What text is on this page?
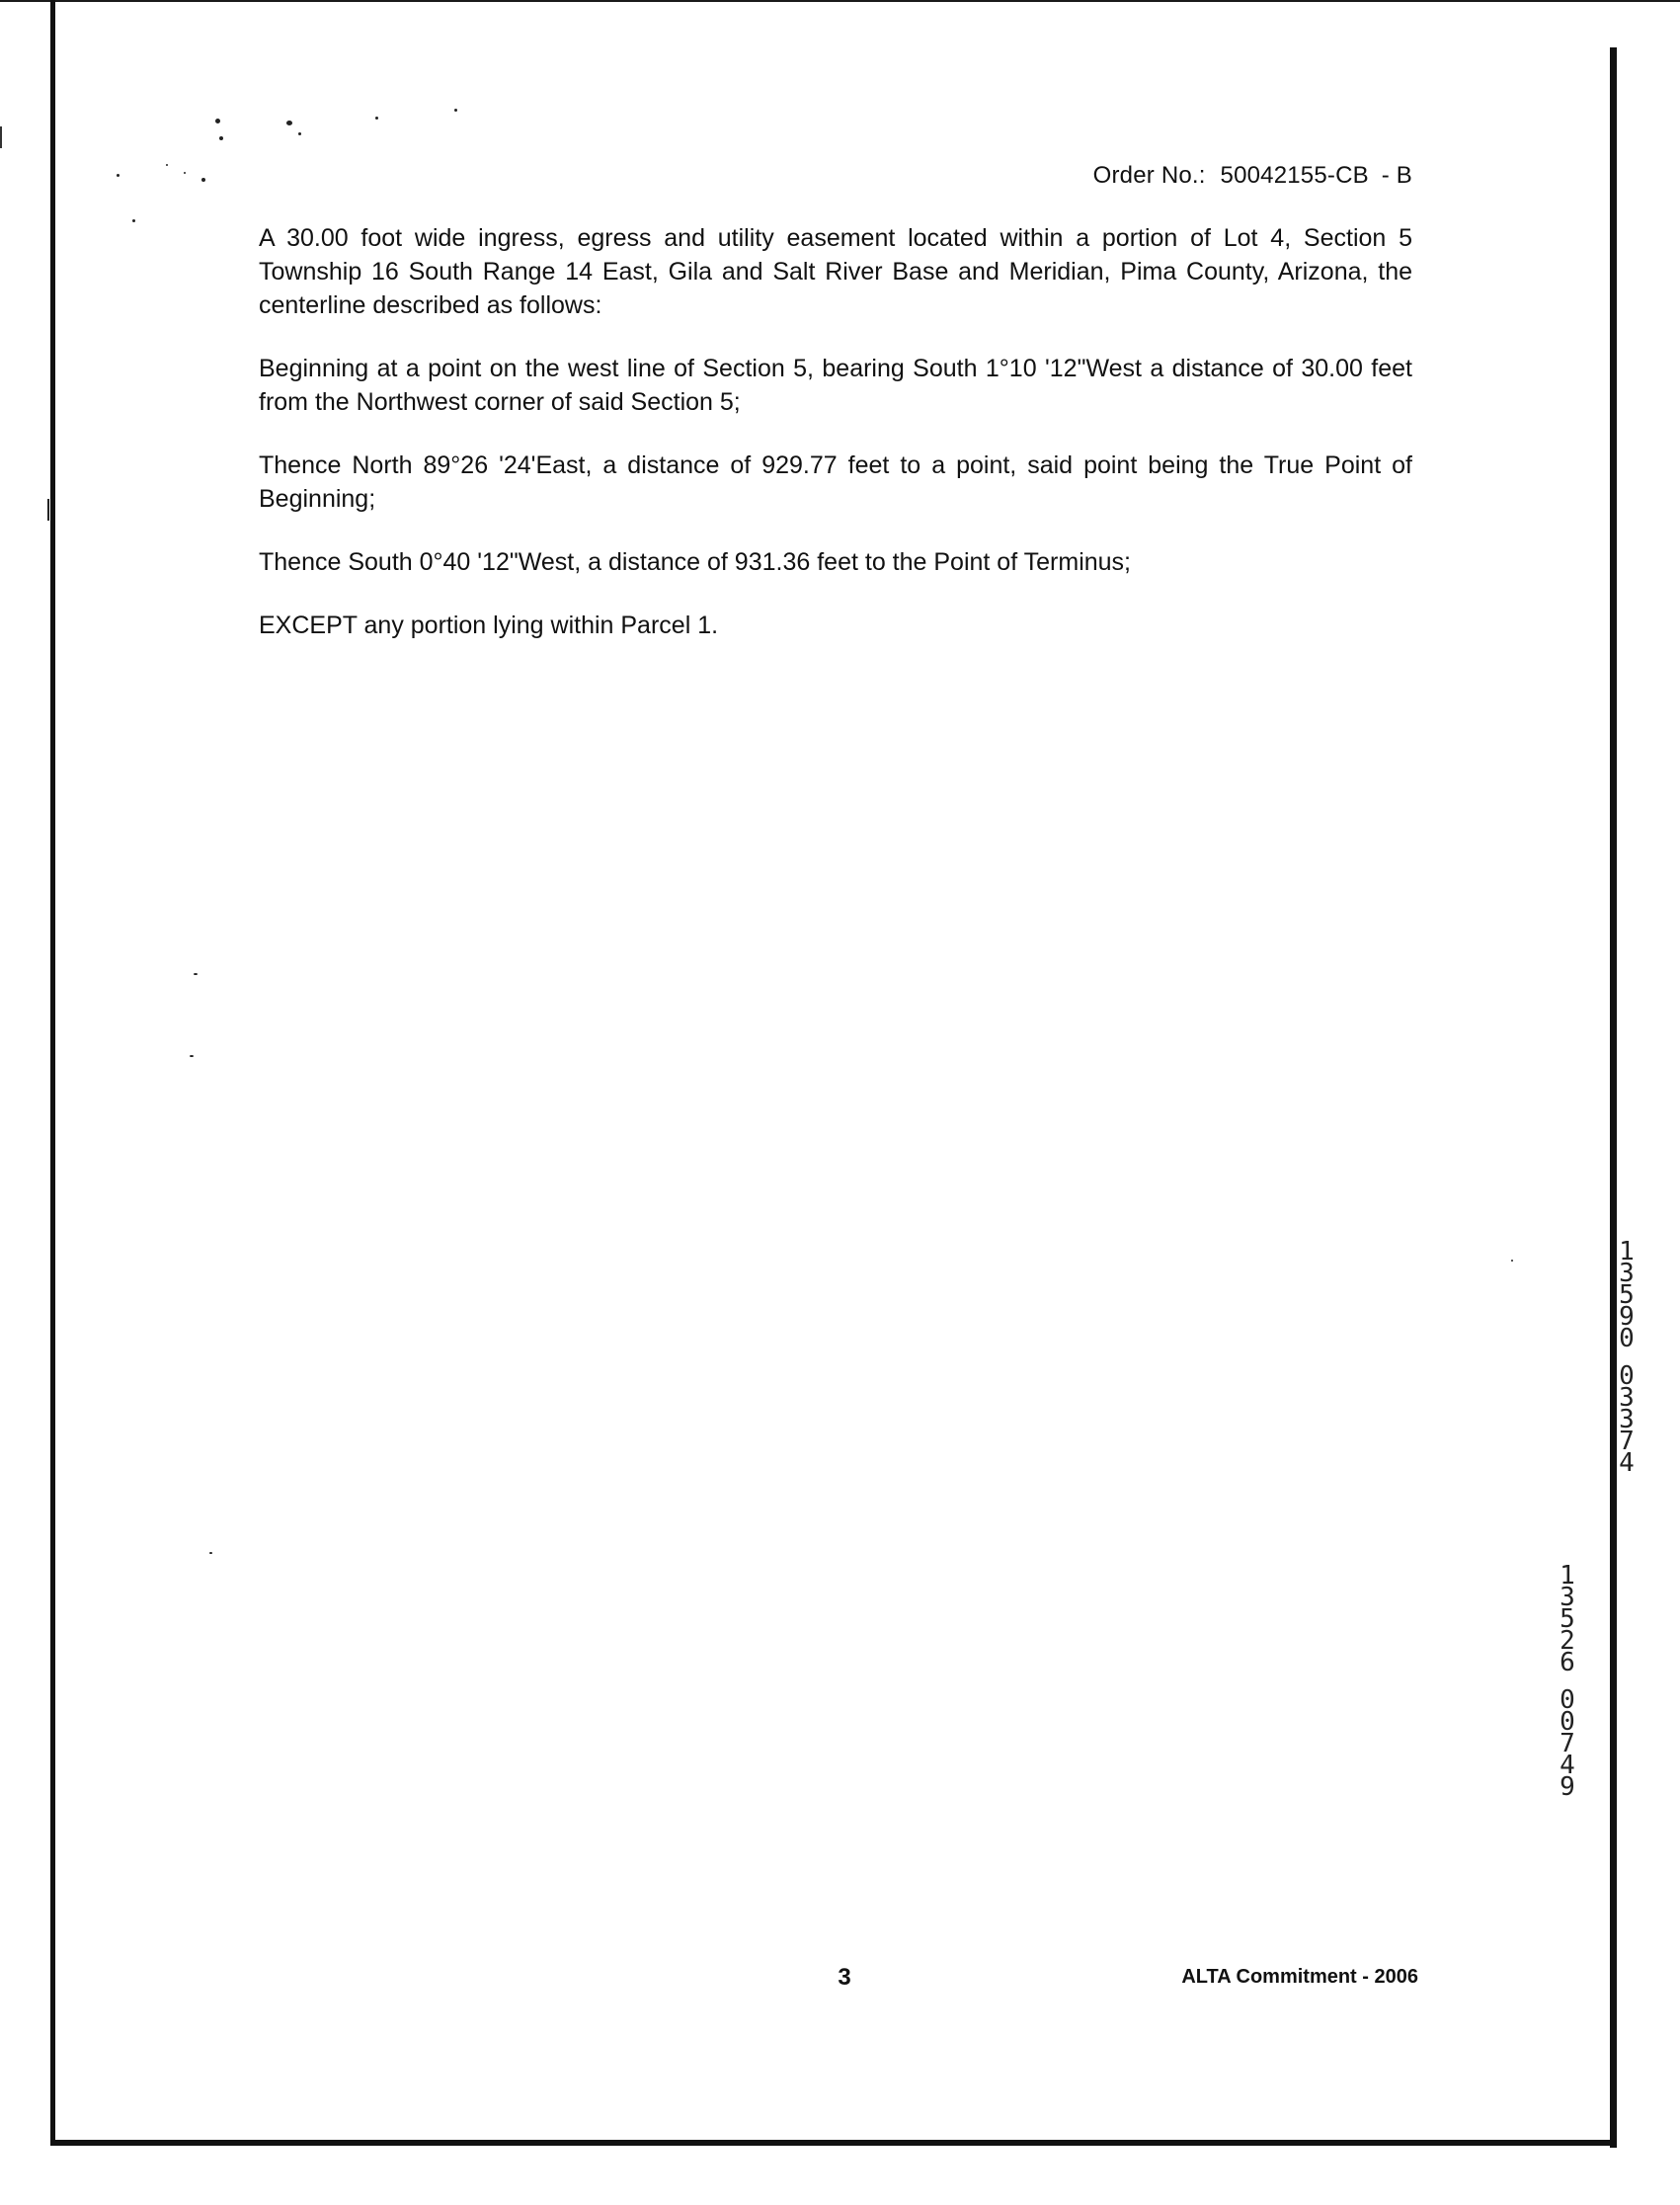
Order No.: 50042155-CB - B

A 30.00 foot wide ingress, egress and utility easement located within a portion of Lot 4, Section 5 Township 16 South Range 14 East, Gila and Salt River Base and Meridian, Pima County, Arizona, the centerline described as follows:

Beginning at a point on the west line of Section 5, bearing South 1°10 '12"West a distance of 30.00 feet from the Northwest corner of said Section 5;

Thence North 89°26 '24'East, a distance of 929.77 feet to a point, said point being the True Point of Beginning;

Thence South 0°40 '12"West, a distance of 931.36 feet to the Point of Terminus;

EXCEPT any portion lying within Parcel 1.

3	ALTA Commitment - 2006
1
3
5
9
0
0
3
3
7
4
1
3
5
2
6
0
0
7
4
9
